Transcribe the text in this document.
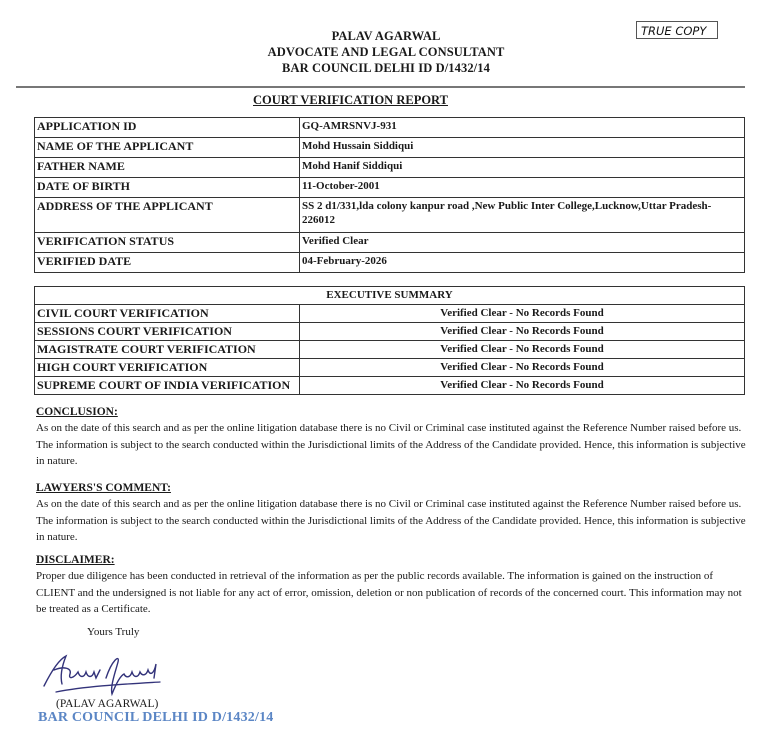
PALAV AGARWAL
ADVOCATE AND LEGAL CONSULTANT
BAR COUNCIL DELHI ID D/1432/14
TRUE COPY
COURT VERIFICATION REPORT
APPLICATION ID	GQ-AMRSNVJ-931
NAME OF THE APPLICANT	Mohd Hussain Siddiqui
FATHER NAME	Mohd Hanif Siddiqui
DATE OF BIRTH	11-October-2001
ADDRESS OF THE APPLICANT	SS 2 d1/331,lda colony kanpur road ,New Public Inter College,Lucknow,Uttar Pradesh-226012
VERIFICATION STATUS	Verified Clear
VERIFIED DATE	04-February-2026
EXECUTIVE SUMMARY	
CIVIL COURT VERIFICATION	Verified Clear - No Records Found
SESSIONS COURT VERIFICATION	Verified Clear - No Records Found
MAGISTRATE COURT VERIFICATION	Verified Clear - No Records Found
HIGH COURT VERIFICATION	Verified Clear - No Records Found
SUPREME COURT OF INDIA VERIFICATION	Verified Clear - No Records Found
CONCLUSION:
As on the date of this search and as per the online litigation database there is no Civil or Criminal case instituted against the Reference Number raised before us. The information is subject to the search conducted within the Jurisdictional limits of the Address of the Candidate provided. Hence, this information is subjective in nature.
LAWYERS'S COMMENT:
As on the date of this search and as per the online litigation database there is no Civil or Criminal case instituted against the Reference Number raised before us. The information is subject to the search conducted within the Jurisdictional limits of the Address of the Candidate provided. Hence, this information is subjective in nature.
DISCLAIMER:
Proper due diligence has been conducted in retrieval of the information as per the public records available. The information is gained on the instruction of CLIENT and the undersigned is not liable for any act of error, omission, deletion or non publication of records of the concerned court. This information may not be treated as a Certificate.
Yours Truly
(PALAV AGARWAL)
BAR COUNCIL DELHI ID D/1432/14
